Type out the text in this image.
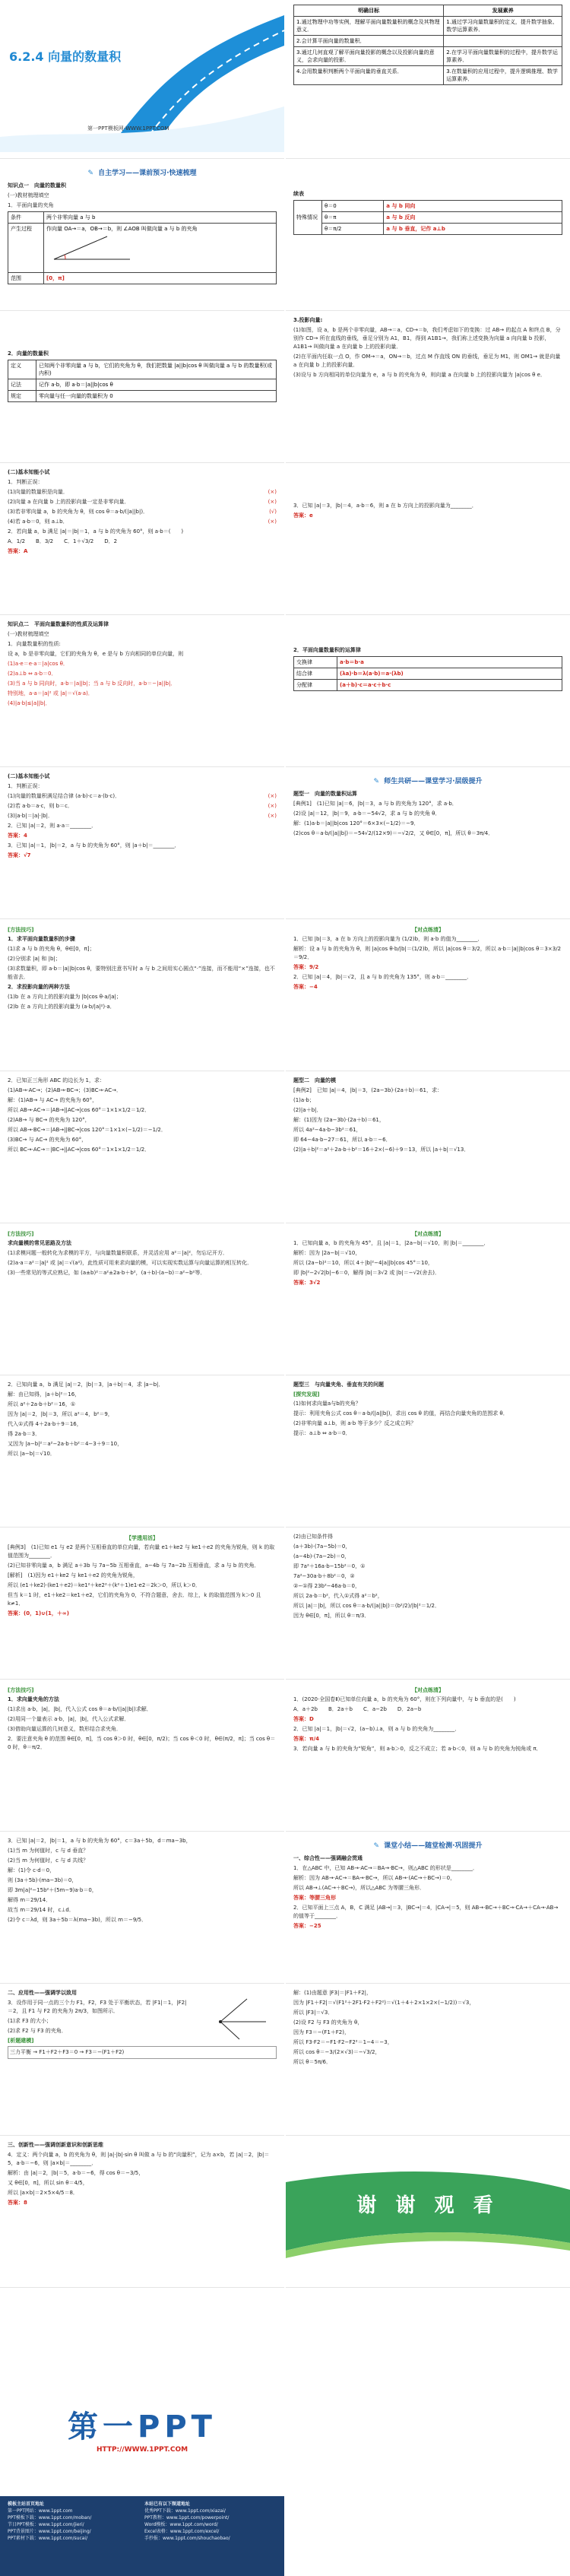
6.2.4 向量的数量积
第一PPT模板网-WWW.1PPT.COM
明确目标	发展素养
1.通过物理中功等实例，理解平面向量数量积的概念及其物理意义．	1.通过学习向量数量积的定义，提升数学抽象、数学运算素养．
2.会计算平面向量的数量积．	
3.通过几何直观了解平面向量投影的概念以及投影向量的意义，会求向量的投影．	2.在学习平面向量数量积的过程中，提升数学运算素养．
4.会用数量积判断两个平面向量的垂直关系．	3.在数量积的应用过程中，提升逻辑推理、数学运算素养．
✎ 自主学习——课前预习·快速梳理

知识点一　向量的数量积

(一)教材梳理填空

1．平面向量的夹角

条件	两个非零向量 a 与 b
产生过程	作向量 OA→＝a，OB→＝b，则 ∠AOB 叫做向量 a 与 b 的夹角
范围	[0，π]

续表

特殊情况	θ＝0	a 与 b 同向
	θ＝π	a 与 b 反向
	θ＝π/2	a 与 b 垂直，记作 a⊥b

2．向量的数量积

定义	已知两个非零向量 a 与 b，它们的夹角为 θ，我们把数量 |a||b|cos θ 叫做向量 a 与 b 的数量积(或内积)
记法	记作 a·b，即 a·b＝|a||b|cos θ
规定	零向量与任一向量的数量积为 0

3.投影向量:

(1)如图，设 a，b 是两个非零向量，AB→＝a，CD→＝b，我们考虑如下的变换：过 AB→ 的起点 A 和终点 B，分别作 CD→ 所在直线的垂线，垂足分别为 A1，B1，得到 A1B1→，我们称上述变换为向量 a 向向量 b 投影，A1B1→ 叫做向量 a 在向量 b 上的投影向量．

(2)在平面内任取一点 O，作 OM→＝a，ON→＝b，过点 M 作直线 ON 的垂线，垂足为 M1，则 OM1→ 就是向量 a 在向量 b 上的投影向量．

(3)设与 b 方向相同的单位向量为 e，a 与 b 的夹角为 θ，则向量 a 在向量 b 上的投影向量为 |a|cos θ e．

(二)基本知能小试

1．判断正误：

(1)向量的数量积是向量．	(×)

(2)向量 a 在向量 b 上的投影向量一定是非零向量．	(×)

(3)若非零向量 a，b 的夹角为 θ，则 cos θ＝a·b/(|a||b|)．	(√)

(4)若 a·b＝0，则 a⊥b．	(×)

2．若向量 a，b 满足 |a|＝|b|＝1，a 与 b 的夹角为 60°，则 a·b＝(　　)

A．1/2　　B．3/2　　C．1＋√3/2　　D．2

答案：A

3．已知 |a|＝3，|b|＝4，a·b＝6，则 a 在 b 方向上的投影向量为________．

答案：e

知识点二　平面向量数量积的性质及运算律

(一)教材梳理填空

1．向量数量积的性质:

设 a，b 是非零向量，它们的夹角为 θ，e 是与 b 方向相同的单位向量，则

(1)a·e＝e·a＝|a|cos θ．

(2)a⊥b ⇔ a·b＝0．

(3)当 a 与 b 同向时，a·b＝|a||b|；当 a 与 b 反向时，a·b＝−|a||b|．

特别地，a·a＝|a|² 或 |a|＝√(a·a)．

(4)|a·b|≤|a||b|．

2．平面向量数量积的运算律

交换律	a·b＝b·a
结合律	(λa)·b＝λ(a·b)＝a·(λb)
分配律	(a＋b)·c＝a·c＋b·c

(二)基本知能小试

1．判断正误：

(1)向量的数量积满足结合律 (a·b)·c＝a·(b·c)．	(×)

(2)若 a·b＝a·c，则 b＝c．	(×)

(3)|a·b|＝|a|·|b|．	(×)

2．已知 |a|＝2，则 a·a＝________．

答案：4

3．已知 |a|＝1，|b|＝2，a 与 b 的夹角为 60°，则 |a＋b|＝________．

答案：√7

✎ 师生共研——课堂学习·层级提升

题型一　向量的数量积运算

[典例1]　(1)已知 |a|＝6，|b|＝3，a 与 b 的夹角为 120°，求 a·b．

(2)设 |a|＝12，|b|＝9，a·b＝−54√2，求 a 与 b 的夹角 θ．

解：(1)a·b＝|a||b|cos 120°＝6×3×(−1/2)＝−9．

(2)cos θ＝a·b/(|a||b|)＝−54√2/(12×9)＝−√2/2，又 θ∈[0，π]，所以 θ＝3π/4．

[方法技巧]

1．求平面向量数量积的步骤

(1)求 a 与 b 的夹角 θ，θ∈[0，π]；

(2)分别求 |a| 和 |b|；

(3)求数量积，即 a·b＝|a||b|cos θ，要特别注意书写时 a 与 b 之间用实心圆点“·”连接，而不能用“×”连接，也不能省去．

2．求投影向量的两种方法

(1)b 在 a 方向上的投影向量为 |b|cos θ·a/|a|；

(2)b 在 a 方向上的投影向量为 (a·b/|a|²)·a．

【对点练清】

1．已知 |b|＝3，a 在 b 方向上的投影向量为 (1/2)b，则 a·b 的值为________．

解析：设 a 与 b 的夹角为 θ，则 |a|cos θ·b/|b|＝(1/2)b，所以 |a|cos θ＝3/2，所以 a·b＝|a||b|cos θ＝3×3/2＝9/2．

答案：9/2

2．已知 |a|＝4，|b|＝√2，且 a 与 b 的夹角为 135°，则 a·b＝________．

答案：−4

2．已知正三角形 ABC 的边长为 1，求：

(1)AB→·AC→；(2)AB→·BC→；(3)BC→·AC→．

解：(1)AB→ 与 AC→ 的夹角为 60°，

所以 AB→·AC→＝|AB→||AC→|cos 60°＝1×1×1/2＝1/2．

(2)AB→ 与 BC→ 的夹角为 120°，

所以 AB→·BC→＝|AB→||BC→|cos 120°＝1×1×(−1/2)＝−1/2．

(3)BC→ 与 AC→ 的夹角为 60°，

所以 BC→·AC→＝|BC→||AC→|cos 60°＝1×1×1/2＝1/2．

题型二　向量的模

[典例2]　已知 |a|＝4，|b|＝3，(2a−3b)·(2a＋b)＝61，求：

(1)a·b；

(2)|a＋b|．

解：(1)因为 (2a−3b)·(2a＋b)＝61，

所以 4a²−4a·b−3b²＝61，

即 64−4a·b−27＝61，所以 a·b＝−6．

(2)|a＋b|²＝a²＋2a·b＋b²＝16＋2×(−6)＋9＝13，所以 |a＋b|＝√13．

[方法技巧]

求向量模的常见思路及方法

(1)求模问题一般转化为求模的平方，与向量数量积联系，并灵活应用 a²＝|a|²，勿忘记开方．

(2)a·a＝a²＝|a|² 或 |a|＝√(a²)，此性质可用来求向量的模，可以实现实数运算与向量运算的相互转化．

(3)一些常见的等式应熟记，如 (a±b)²＝a²±2a·b＋b²，(a＋b)·(a−b)＝a²−b²等．

【对点练清】

1．已知向量 a，b 的夹角为 45°，且 |a|＝1，|2a−b|＝√10，则 |b|＝________．

解析：因为 |2a−b|＝√10，

所以 (2a−b)²＝10，所以 4＋|b|²−4|a||b|cos 45°＝10，

即 |b|²−2√2|b|−6＝0，解得 |b|＝3√2 或 |b|＝−√2(舍去)．

答案：3√2

2．已知向量 a，b 满足 |a|＝2，|b|＝3，|a＋b|＝4，求 |a−b|．

解：由已知得，|a＋b|²＝16，

所以 a²＋2a·b＋b²＝16，①

因为 |a|＝2，|b|＝3，所以 a²＝4，b²＝9，

代入①式得 4＋2a·b＋9＝16，

得 2a·b＝3．

又因为 |a−b|²＝a²−2a·b＋b²＝4−3＋9＝10，

所以 |a−b|＝√10．

题型三　与向量夹角、垂直有关的问题

[探究发现]

(1)如何求向量a与b的夹角？

提示：利用夹角公式 cos θ＝a·b/(|a||b|)，求出 cos θ 的值，再结合向量夹角的范围求 θ．

(2)非零向量 a⊥b，则 a·b 等于多少？反之成立吗？

提示：a⊥b ⇔ a·b＝0．

【学透用活】

[典例3]　(1)已知 e1 与 e2 是两个互相垂直的单位向量，若向量 e1＋ke2 与 ke1＋e2 的夹角为锐角，则 k 的取值范围为________．

(2)已知非零向量 a，b 满足 a＋3b 与 7a−5b 互相垂直，a−4b 与 7a−2b 互相垂直，求 a 与 b 的夹角．

[解析]　(1)因为 e1＋ke2 与 ke1＋e2 的夹角为锐角，

所以 (e1＋ke2)·(ke1＋e2)＝ke1²＋ke2²＋(k²＋1)e1·e2＝2k＞0，所以 k＞0．

但当 k＝1 时，e1＋ke2＝ke1＋e2，它们的夹角为 0，不符合题意，舍去．综上，k 的取值范围为 k＞0 且 k≠1．

答案：(0，1)∪(1，＋∞)

(2)由已知条件得

(a＋3b)·(7a−5b)＝0，

(a−4b)·(7a−2b)＝0，

即 7a²＋16a·b−15b²＝0，①

7a²−30a·b＋8b²＝0，②

②−①得 23b²−46a·b＝0，

所以 2a·b＝b²，代入①式得 a²＝b²，

所以 |a|＝|b|，所以 cos θ＝a·b/(|a||b|)＝(b²/2)/|b|²＝1/2．

因为 θ∈[0，π]，所以 θ＝π/3．

[方法技巧]

1．求向量夹角的方法

(1)求出 a·b，|a|，|b|，代入公式 cos θ＝a·b/(|a||b|)求解．

(2)用同一个量表示 a·b，|a|，|b|，代入公式求解．

(3)借助向量运算的几何意义，数形结合求夹角．

2．要注意夹角 θ 的范围 θ∈[0，π]，当 cos θ＞0 时，θ∈[0，π/2)；当 cos θ＜0 时，θ∈(π/2，π]；当 cos θ＝0 时，θ＝π/2．

【对点练清】

1．(2020·全国卷Ⅱ)已知单位向量 a，b 的夹角为 60°，则在下列向量中，与 b 垂直的是(　　)

A．a＋2b　　B．2a＋b　　C．a−2b　　D．2a−b

答案：D

2．已知 |a|＝1，|b|＝√2，(a−b)⊥a，则 a 与 b 的夹角为________．

答案：π/4

3．若向量 a 与 b 的夹角为“锐角”，则 a·b＞0，反之不成立；若 a·b＜0，则 a 与 b 的夹角为钝角或 π．

3．已知 |a|＝2，|b|＝1，a 与 b 的夹角为 60°，c＝3a＋5b，d＝ma−3b，

(1)当 m 为何值时，c 与 d 垂直？

(2)当 m 为何值时，c 与 d 共线？

解：(1)令 c·d＝0，

则 (3a＋5b)·(ma−3b)＝0，

即 3m|a|²−15b²＋(5m−9)a·b＝0，

解得 m＝29/14．

故当 m＝29/14 时，c⊥d．

(2)令 c＝λd，则 3a＋5b＝λ(ma−3b)，所以 m＝−9/5．

✎ 课堂小结——随堂检测·巩固提升

一、综合性——强调融会贯通

1．在△ABC 中，已知 AB→·AC→＝BA→·BC→，则△ABC 的形状是________．

解析：因为 AB→·AC→＝BA→·BC→，所以 AB→·(AC→＋BC→)＝0，

所以 AB→⊥(AC→＋BC→)，所以△ABC 为等腰三角形．

答案：等腰三角形

2．已知平面上三点 A，B，C 满足 |AB→|＝3，|BC→|＝4，|CA→|＝5，则 AB→·BC→＋BC→·CA→＋CA→·AB→ 的值等于________．

答案：−25

二、应用性——强调学以致用

3．设作用于同一点的三个力 F1，F2，F3 处于平衡状态，若 |F1|＝1，|F2|＝2，且 F1 与 F2 的夹角为 2π/3，如图所示．

(1)求 F3 的大小；

(2)求 F2 与 F3 的夹角．

[析题建模]

三力平衡 → F1＋F2＋F3＝0 → F3＝−(F1＋F2)

解：(1)由题意 |F3|＝|F1＋F2|，

因为 |F1＋F2|＝√(F1²＋2F1·F2＋F2²)＝√(1＋4＋2×1×2×(−1/2))＝√3，

所以 |F3|＝√3．

(2)设 F2 与 F3 的夹角为 θ，

因为 F3＝−(F1＋F2)，

所以 F3·F2＝−F1·F2−F2²＝1−4＝−3，

所以 cos θ＝−3/(2×√3)＝−√3/2，

所以 θ＝5π/6．

三、创新性——强调创新意识和创新思维

4．定义：两个向量 a，b 的夹角为 θ，则 |a|·|b|·sin θ 叫做 a 与 b 的“向量积”，记为 a×b，若 |a|＝2，|b|＝5，a·b＝−6，则 |a×b|＝________．

解析：由 |a|＝2，|b|＝5，a·b＝−6，得 cos θ＝−3/5，

又 θ∈[0，π]，所以 sin θ＝4/5，

所以 |a×b|＝2×5×4/5＝8．

答案：8	谢 谢 观 看
第一PPT
HTTP://WWW.1PPT.COM
模板主站首页地址
第一PPT网站：www.1ppt.com
PPT模板下载：www.1ppt.com/moban/
节日PPT模板：www.1ppt.com/jieri/
PPT背景图片：www.1ppt.com/beijing/
PPT素材下载：www.1ppt.com/sucai/
本站已有以下频道地址
优秀PPT下载：www.1ppt.com/xiazai/
PPT教程：www.1ppt.com/powerpoint/
Word模板：www.1ppt.com/word/
Excel表格：www.1ppt.com/excel/
手抄报：www.1ppt.com/shouchaobao/
